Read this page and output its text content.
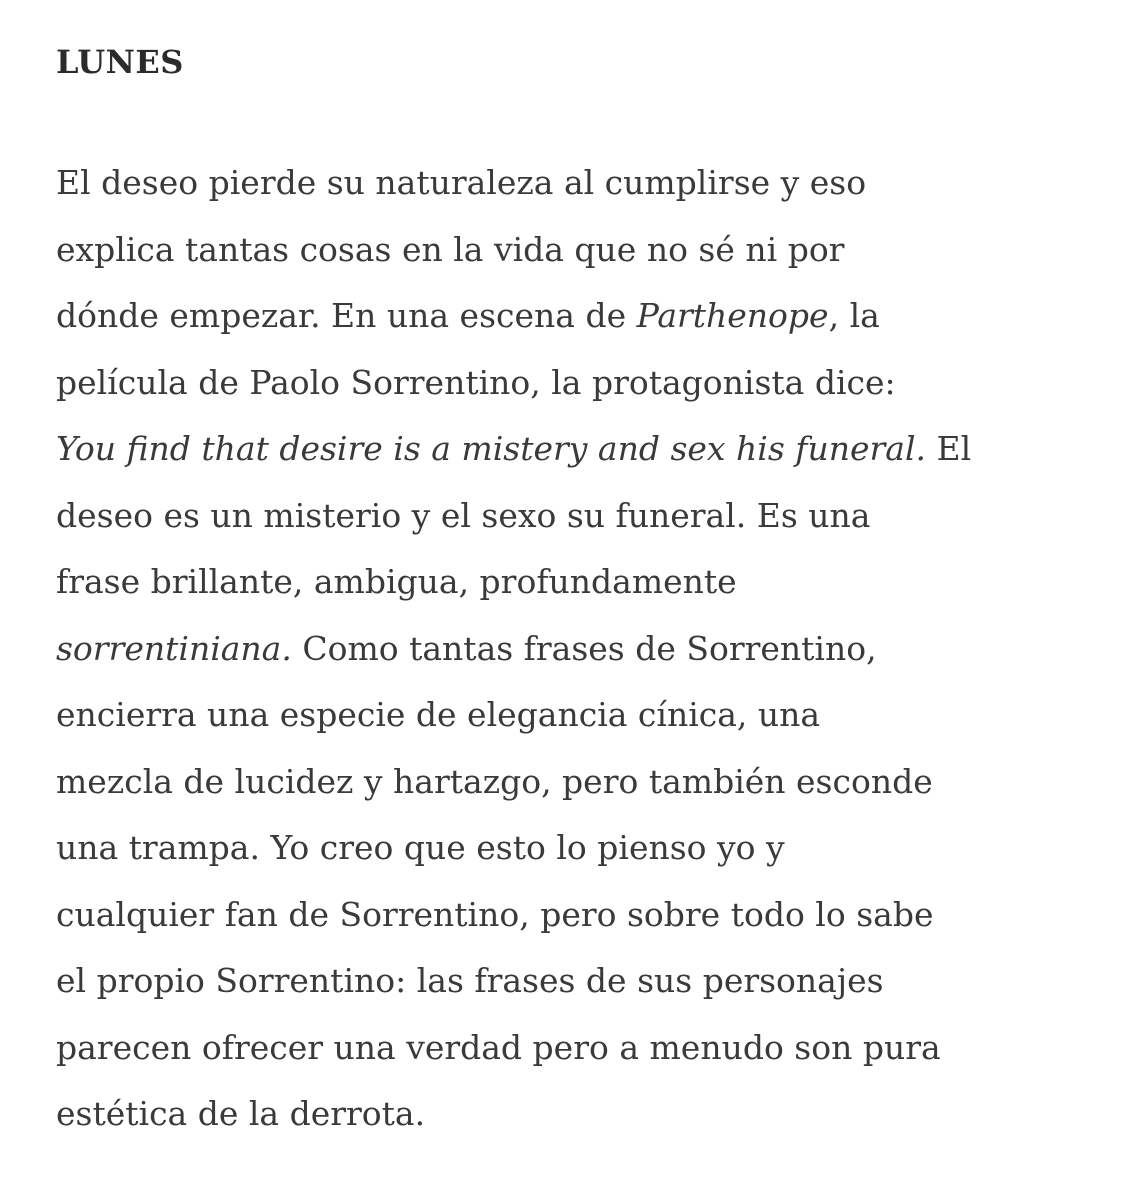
LUNES

El deseo pierde su naturaleza al cumplirse y eso
explica tantas cosas en la vida que no sé ni por
dónde empezar. En una escena de Parthenope, la
película de Paolo Sorrentino, la protagonista dice:
You find that desire is a mistery and sex his funeral. El
deseo es un misterio y el sexo su funeral. Es una
frase brillante, ambigua, profundamente
sorrentiniana. Como tantas frases de Sorrentino,
encierra una especie de elegancia cínica, una
mezcla de lucidez y hartazgo, pero también esconde
una trampa. Yo creo que esto lo pienso yo y
cualquier fan de Sorrentino, pero sobre todo lo sabe
el propio Sorrentino: las frases de sus personajes
parecen ofrecer una verdad pero a menudo son pura
estética de la derrota.
